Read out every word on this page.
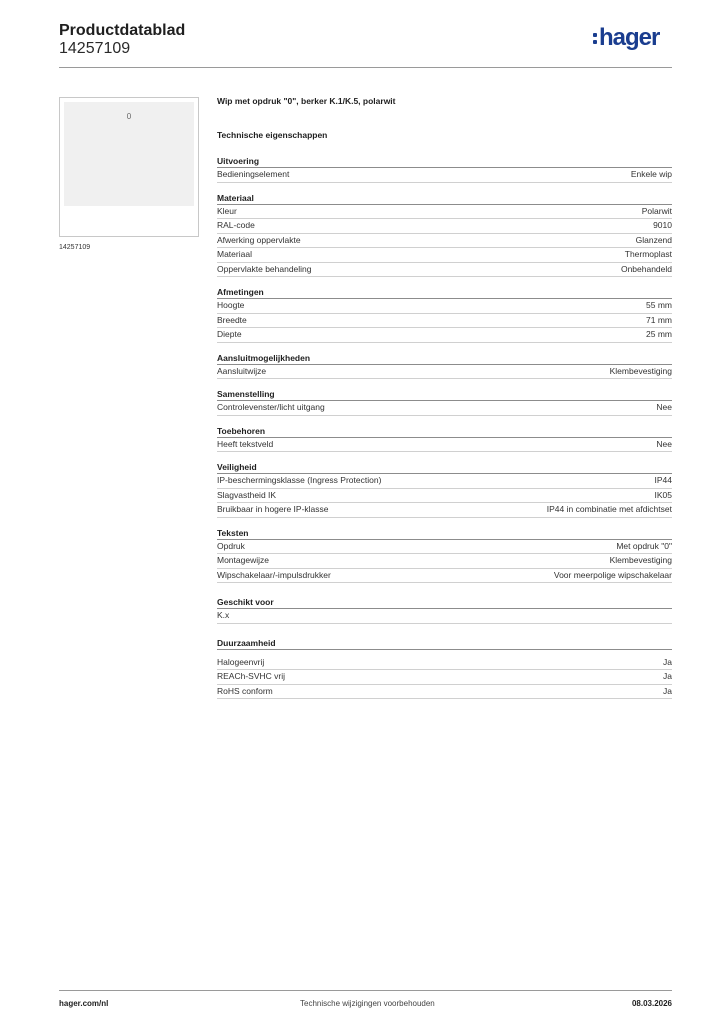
Productdatablad
14257109	hager
0
14257109
Wip met opdruk "0", berker K.1/K.5, polarwit
Technische eigenschappen
Uitvoering
Bedieningselement	Enkele wip
Materiaal
Kleur	Polarwit
RAL-code	9010
Afwerking oppervlakte	Glanzend
Materiaal	Thermoplast
Oppervlakte behandeling	Onbehandeld
Afmetingen
Hoogte	55 mm
Breedte	71 mm
Diepte	25 mm
Aansluitmogelijkheden
Aansluitwijze	Klembevestiging
Samenstelling
Controlevenster/licht uitgang	Nee
Toebehoren
Heeft tekstveld	Nee
Veiligheid
IP-beschermingsklasse (Ingress Protection)	IP44
Slagvastheid IK	IK05
Bruikbaar in hogere IP-klasse	IP44 in combinatie met afdichtset
Teksten
Opdruk	Met opdruk "0"
Montagewijze	Klembevestiging
Wipschakelaar/-impulsdrukker	Voor meerpolige wipschakelaar
Geschikt voor
K.x
Duurzaamheid
Halogeenvrij	Ja
REACh-SVHC vrij	Ja
RoHS conform	Ja
hager.com/nl	Technische wijzigingen voorbehouden	08.03.2026
